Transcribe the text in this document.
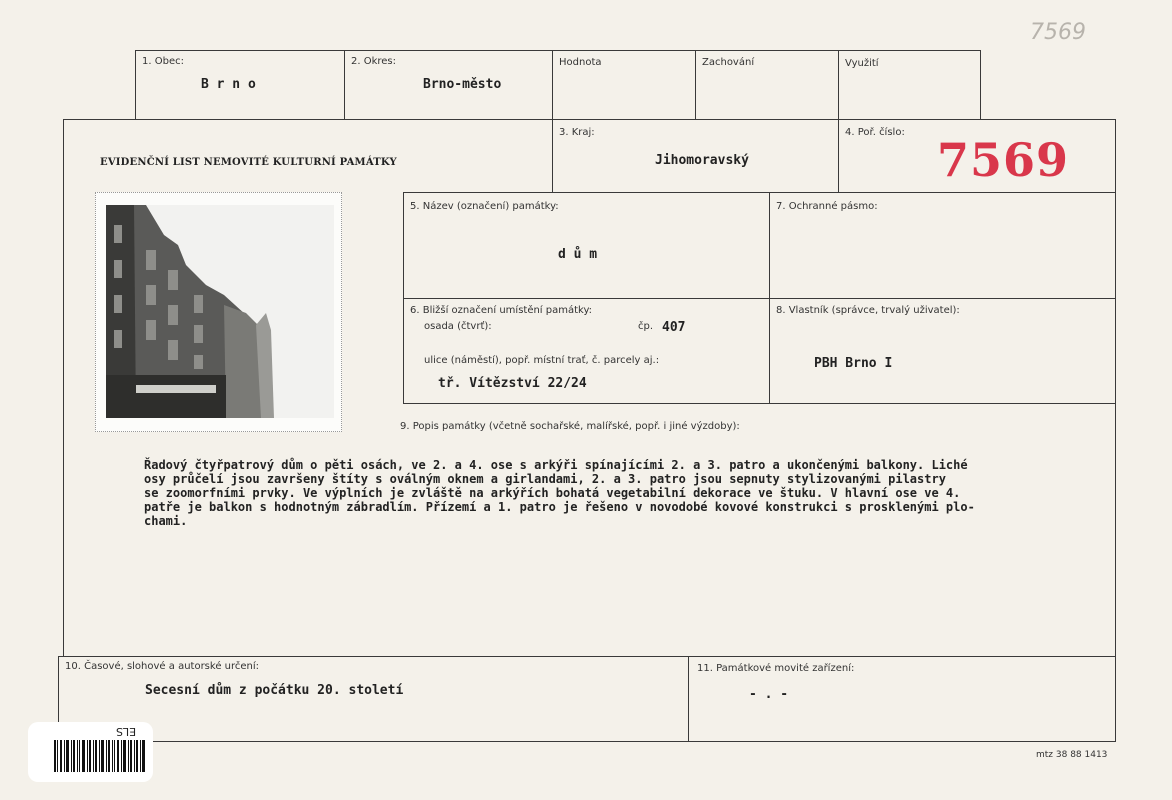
7569
1. Obec:
B r n o
2. Okres:
Brno-město
Hodnota	Zachování	Využití
EVIDENČNÍ LIST NEMOVITÉ KULTURNÍ PAMÁTKY
3. Kraj:
Jihomoravský
4. Poř. číslo:
7569
5. Název (označení) památky:
d ů m
7. Ochranné pásmo:
6. Bližší označení umístění památky:
osada (čtvrť):	čp. 407
ulice (náměstí), popř. místní trať, č. parcely aj.:
tř. Vítězství 22/24
8. Vlastník (správce, trvalý uživatel):
PBH Brno I
9. Popis památky (včetně sochařské, malířské, popř. i jiné výzdoby):
Řadový čtyřpatrový dům o pěti osách, ve 2. a 4. ose s arkýři spínajícími 2. a 3. patro a ukončenými balkony. Liché
osy průčelí jsou završeny štíty s oválným oknem a girlandami, 2. a 3. patro jsou sepnuty stylizovanými pilastry
se zoomorfními prvky. Ve výplních je zvláště na arkýřích bohatá vegetabilní dekorace ve štuku. V hlavní ose ve 4.
patře je balkon s hodnotným zábradlím. Přízemí a 1. patro je řešeno v novodobé kovové konstrukci s prosklenými plo-
chami.
10. Časové, slohové a autorské určení:
Secesní dům z počátku 20. století
11. Památkové movité zařízení:
- . -
ELS
mtz 38 88 1413
